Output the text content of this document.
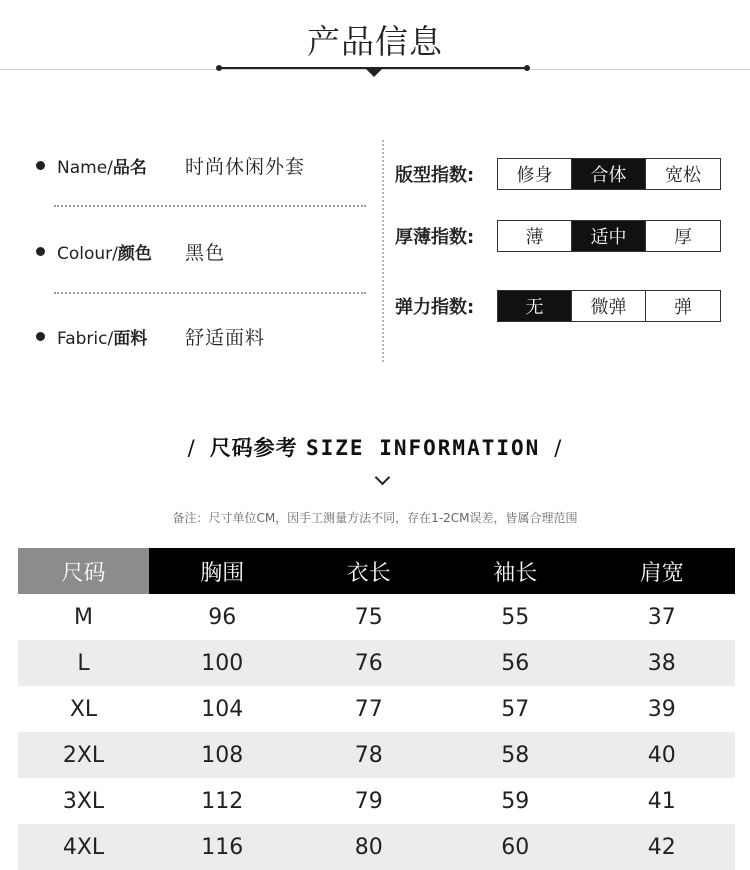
产品信息
Name/品名	时尚休闲外套
Colour/颜色	黑色
Fabric/面料	舒适面料
版型指数:	修身	合体	宽松
厚薄指数:	薄	适中	厚
弹力指数:	无	微弹	弹
/ 尺码参考 SIZE INFORMATION /
备注：尺寸单位CM，因手工测量方法不同，存在1-2CM误差，皆属合理范围
尺码	胸围	衣长	袖长	肩宽
M	96	75	55	37
L	100	76	56	38
XL	104	77	57	39
2XL	108	78	58	40
3XL	112	79	59	41
4XL	116	80	60	42
